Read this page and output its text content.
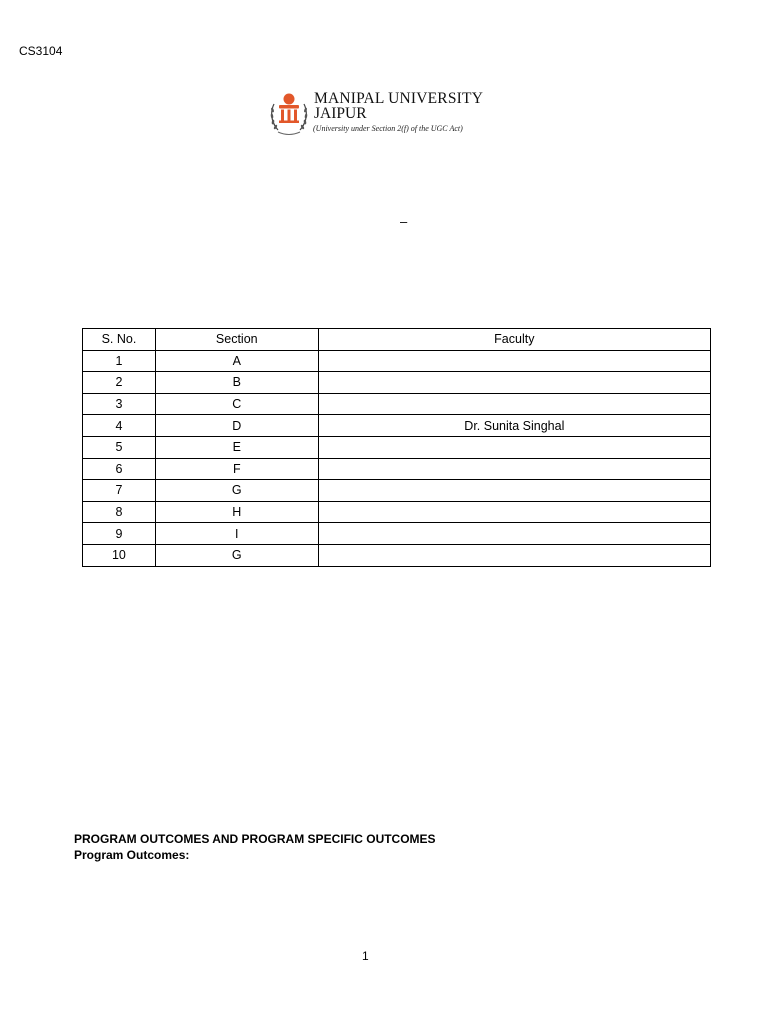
CS3104
MANIPAL UNIVERSITY
JAIPUR
(University under Section 2(f) of the UGC Act)
–
S. No.	Section	Faculty
1	A	
2	B	
3	C	
4	D	Dr. Sunita Singhal
5	E	
6	F	
7	G	
8	H	
9	I	
10	G	
PROGRAM OUTCOMES AND PROGRAM SPECIFIC OUTCOMES
Program Outcomes:
1
